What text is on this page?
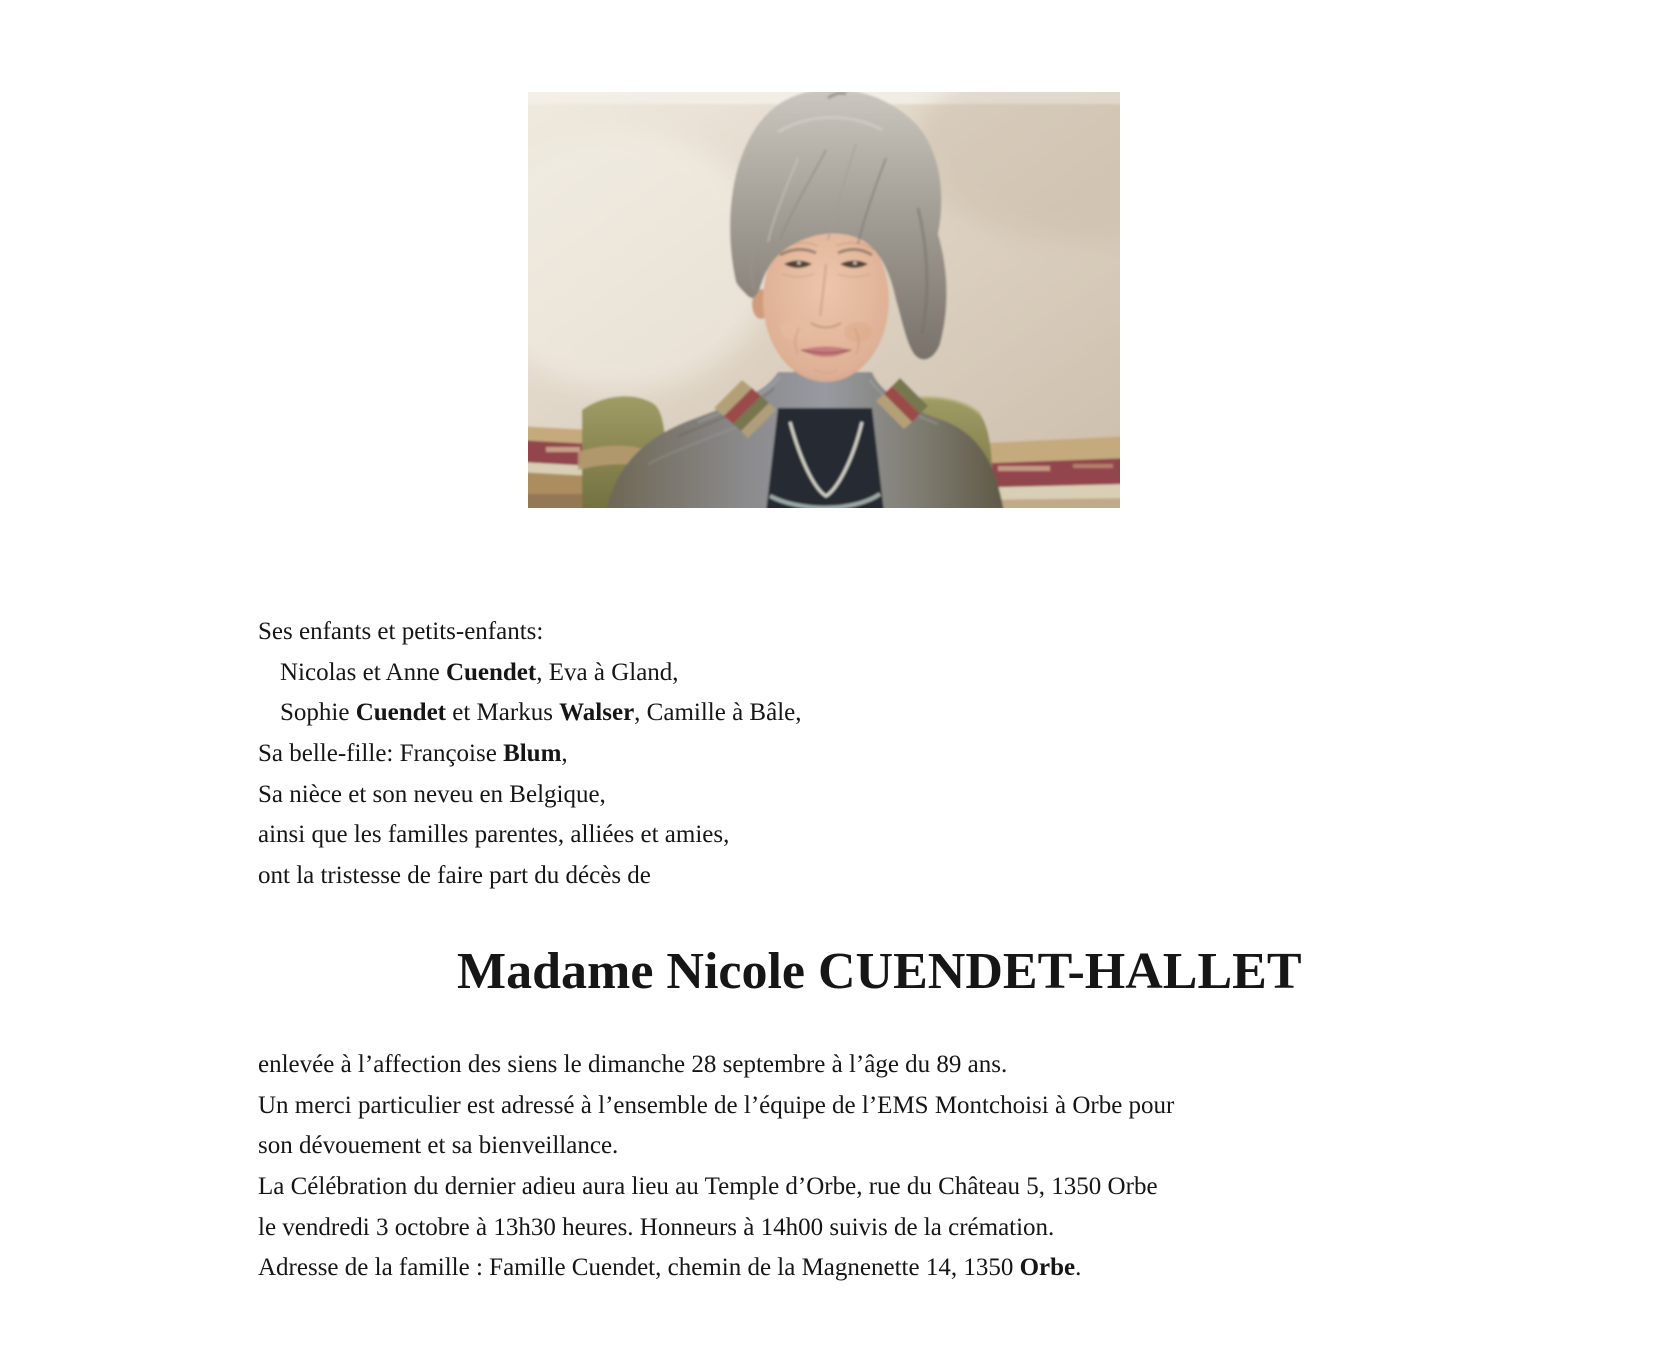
Ses enfants et petits-enfants:
Nicolas et Anne Cuendet, Eva à Gland,
Sophie Cuendet et Markus Walser, Camille à Bâle,
Sa belle-fille: Françoise Blum,
Sa nièce et son neveu en Belgique,
ainsi que les familles parentes, alliées et amies,
ont la tristesse de faire part du décès de
Madame Nicole CUENDET-HALLET
enlevée à l’affection des siens le dimanche 28 septembre à l’âge du 89 ans.
Un merci particulier est adressé à l’ensemble de l’équipe de l’EMS Montchoisi à Orbe pour
son dévouement et sa bienveillance.
La Célébration du dernier adieu aura lieu au Temple d’Orbe, rue du Château 5, 1350 Orbe
le vendredi 3 octobre à 13h30 heures. Honneurs à 14h00 suivis de la crémation.
Adresse de la famille : Famille Cuendet, chemin de la Magnenette 14, 1350 Orbe.
